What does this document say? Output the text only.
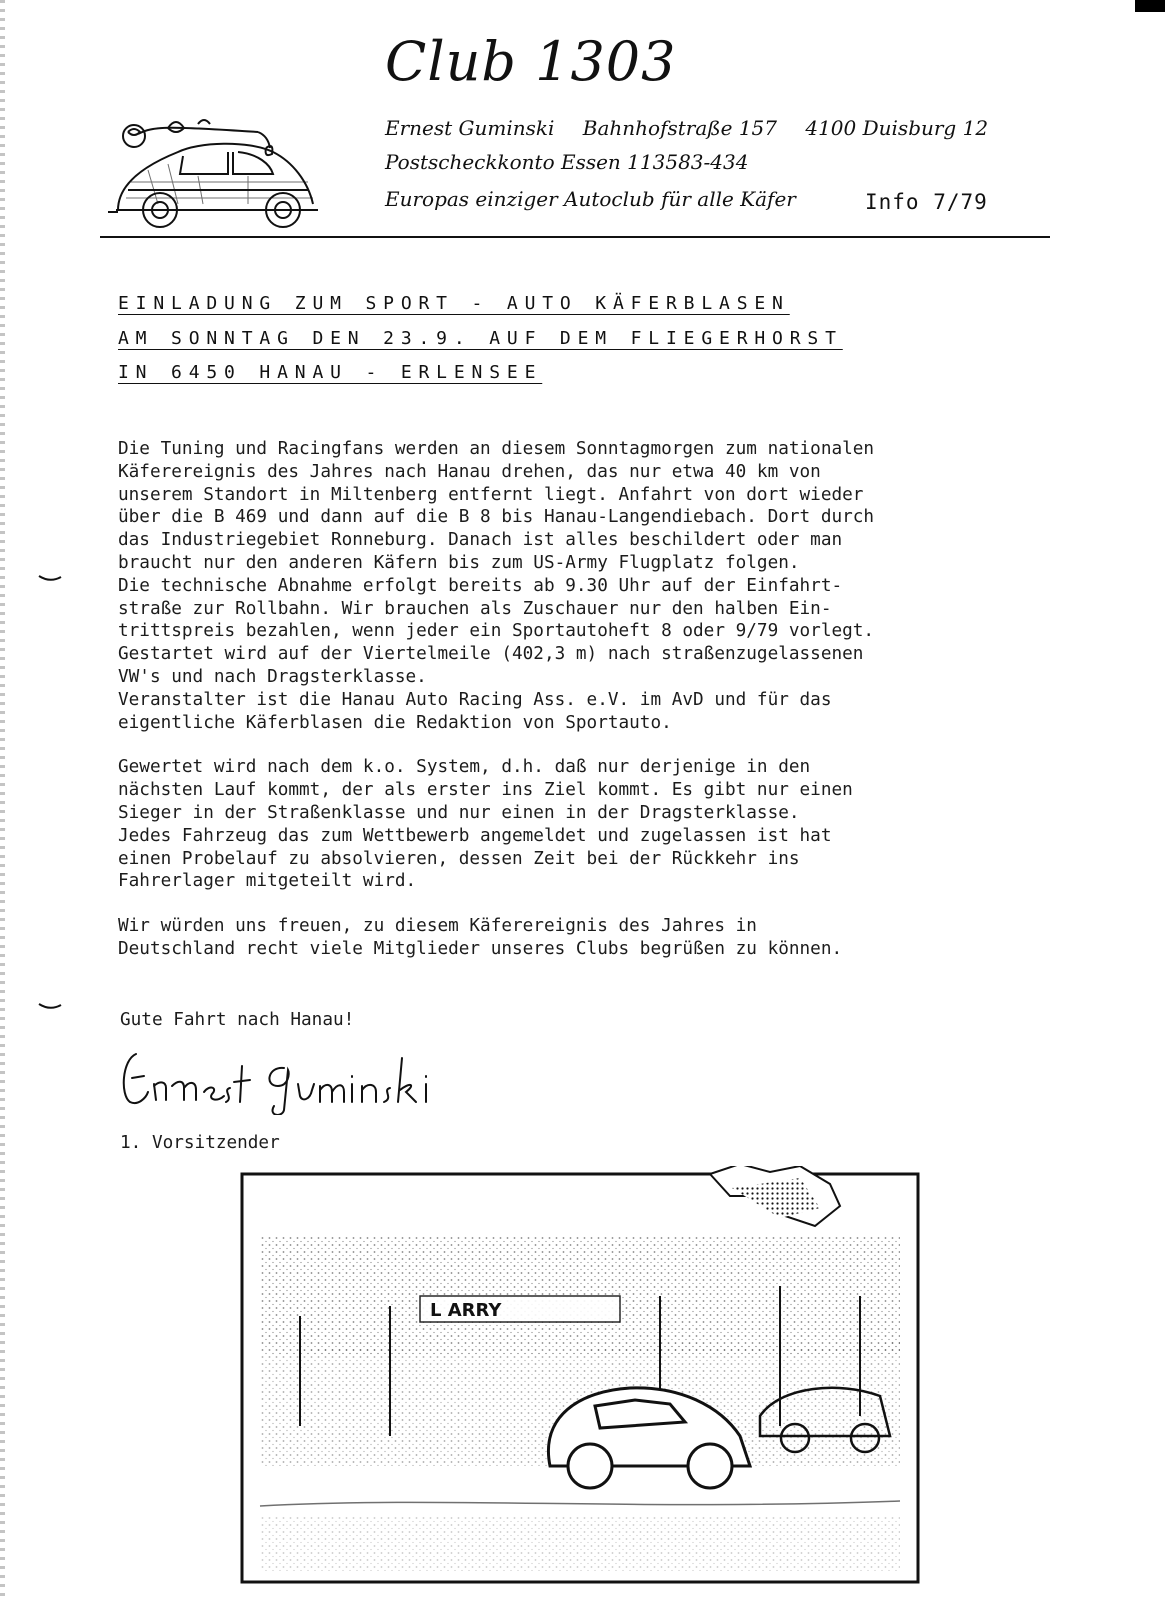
Club 1303

Ernest Guminski Bahnhofstraße 157 4100 Duisburg 12

Postscheckkonto Essen 113583-434

Europas einziger Autoclub für alle Käfer	Info 7/79
EINLADUNG ZUM SPORT - AUTO KÄFERBLASEN
AM SONNTAG DEN 23.9. AUF DEM FLIEGERHORST
IN 6450 HANAU - ERLENSEE

Die Tuning und Racingfans werden an diesem Sonntagmorgen zum nationalen

Käferereignis des Jahres nach Hanau drehen, das nur etwa 40 km von

unserem Standort in Miltenberg entfernt liegt. Anfahrt von dort wieder

über die B 469 und dann auf die B 8 bis Hanau-Langendiebach. Dort durch

das Industriegebiet Ronneburg. Danach ist alles beschildert oder man

braucht nur den anderen Käfern bis zum US-Army Flugplatz folgen.

Die technische Abnahme erfolgt bereits ab 9.30 Uhr auf der Einfahrt-

straße zur Rollbahn. Wir brauchen als Zuschauer nur den halben Ein-

trittspreis bezahlen, wenn jeder ein Sportautoheft 8 oder 9/79 vorlegt.

Gestartet wird auf der Viertelmeile (402,3 m) nach straßenzugelassenen

VW's und nach Dragsterklasse.

Veranstalter ist die Hanau Auto Racing Ass. e.V. im AvD und für das

eigentliche Käferblasen die Redaktion von Sportauto.

Gewertet wird nach dem k.o. System, d.h. daß nur derjenige in den

nächsten Lauf kommt, der als erster ins Ziel kommt. Es gibt nur einen

Sieger in der Straßenklasse und nur einen in der Dragsterklasse.

Jedes Fahrzeug das zum Wettbewerb angemeldet und zugelassen ist hat

einen Probelauf zu absolvieren, dessen Zeit bei der Rückkehr ins

Fahrerlager mitgeteilt wird.

Wir würden uns freuen, zu diesem Käferereignis des Jahres in

Deutschland recht viele Mitglieder unseres Clubs begrüßen zu können.

Gute Fahrt nach Hanau!

1. Vorsitzender

L ARRY
